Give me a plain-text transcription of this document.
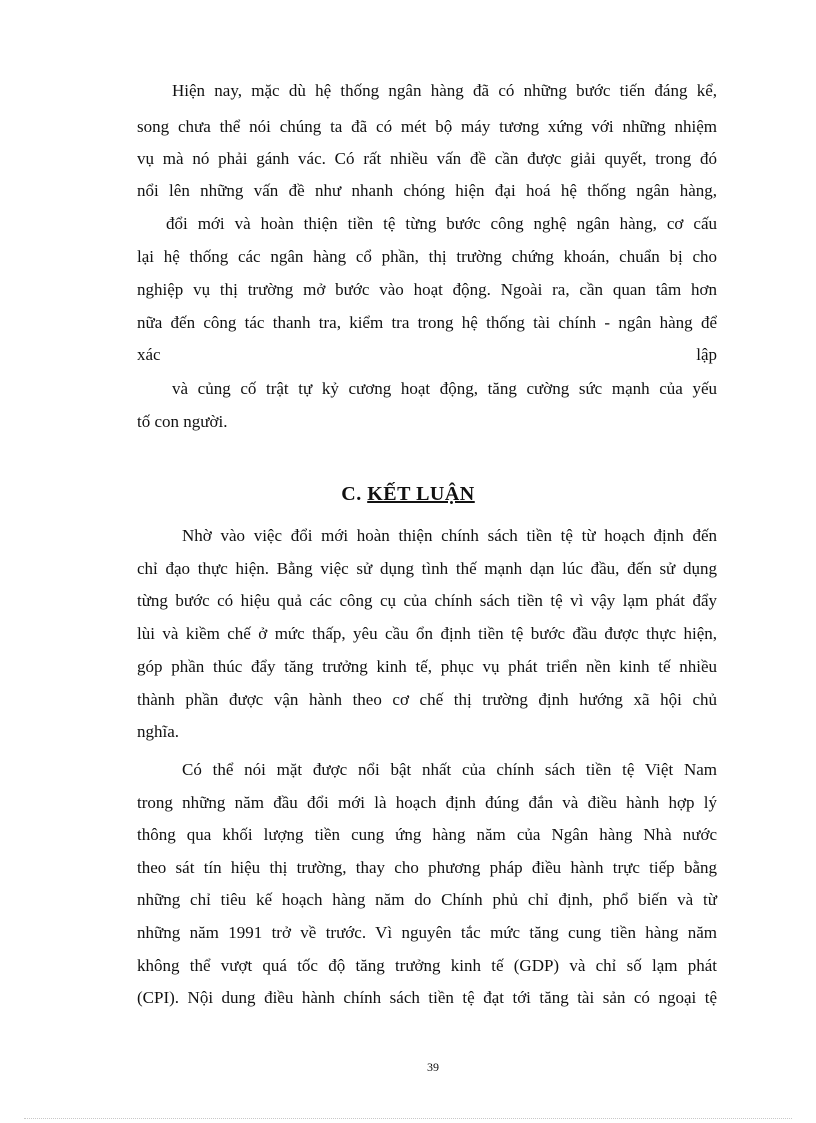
Hiện nay, mặc dù hệ thống ngân hàng đã có những bước tiến đáng kể,
song chưa thể nói chúng ta đã có mét bộ máy tương xứng với những nhiệm
vụ mà nó phải gánh vác. Có rất nhiều vấn đề cần được giải quyết, trong đó
nổi lên những vấn đề như nhanh chóng hiện đại hoá hệ thống ngân hàng,
đổi mới và hoàn thiện tiền tệ từng bước công nghệ ngân hàng, cơ cấu
lại hệ thống các ngân hàng cổ phần, thị trường chứng khoán, chuẩn bị cho
nghiệp vụ thị trường mở bước vào hoạt động. Ngoài ra, cần quan tâm hơn
nữa đến công tác thanh tra, kiểm tra trong hệ thống tài chính - ngân hàng để
xác	lập
và củng cố trật tự kỷ cương hoạt động, tăng cường sức mạnh của yếu
tố con người.
C. KẾT LUẬN
Nhờ vào việc đổi mới hoàn thiện chính sách tiền tệ từ hoạch định đến
chỉ đạo thực hiện. Bằng việc sử dụng tình thế mạnh dạn lúc đầu, đến sử dụng
từng bước có hiệu quả các công cụ của chính sách tiền tệ vì vậy lạm phát đẩy
lùi và kiềm chế ở mức thấp, yêu cầu ổn định tiền tệ bước đầu được thực hiện,
góp phần thúc đẩy tăng trưởng kinh tế, phục vụ phát triển nền kinh tế nhiều
thành phần được vận hành theo cơ chế thị trường định hướng xã hội chủ
nghĩa.
Có thể nói mặt được nổi bật nhất của chính sách tiền tệ Việt Nam
trong những năm đầu đổi mới là hoạch định đúng đắn và điều hành hợp lý
thông qua khối lượng tiền cung ứng hàng năm của Ngân hàng Nhà nước
theo sát tín hiệu thị trường, thay cho phương pháp điều hành trực tiếp bằng
những chỉ tiêu kế hoạch hàng năm do Chính phủ chỉ định, phổ biến và từ
những năm 1991 trở về trước. Vì nguyên tắc mức tăng cung tiền hàng năm
không thể vượt quá tốc độ tăng trưởng kinh tế (GDP) và chỉ số lạm phát
(CPI). Nội dung điều hành chính sách tiền tệ đạt tới tăng tài sản có ngoại tệ
39
